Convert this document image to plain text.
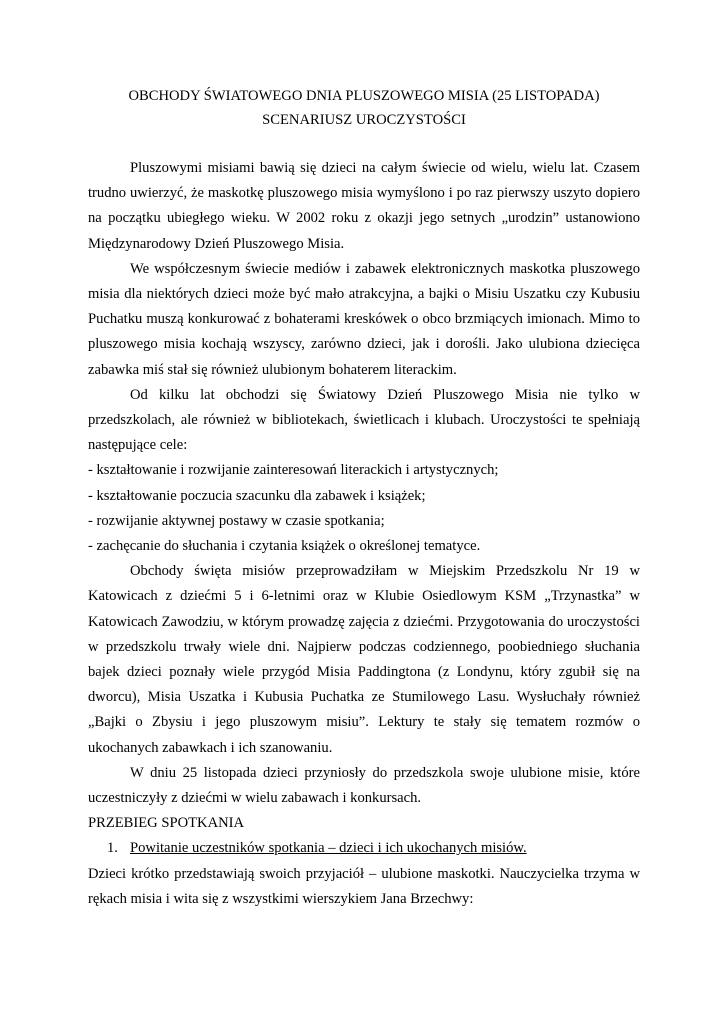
OBCHODY ŚWIATOWEGO DNIA PLUSZOWEGO MISIA (25 LISTOPADA)

SCENARIUSZ UROCZYSTOŚCI

Pluszowymi misiami bawią się dzieci na całym świecie od wielu, wielu lat. Czasem trudno uwierzyć, że maskotkę pluszowego misia wymyślono i po raz pierwszy uszyto dopiero na początku ubiegłego wieku. W 2002 roku z okazji jego setnych „urodzin” ustanowiono Międzynarodowy Dzień Pluszowego Misia.

We współczesnym świecie mediów i zabawek elektronicznych maskotka pluszowego misia dla niektórych dzieci może być mało atrakcyjna, a bajki o Misiu Uszatku czy Kubusiu Puchatku muszą konkurować z bohaterami kreskówek o obco brzmiących imionach. Mimo to pluszowego misia kochają wszyscy, zarówno dzieci, jak i dorośli. Jako ulubiona dziecięca zabawka miś stał się również ulubionym bohaterem literackim.

Od kilku lat obchodzi się Światowy Dzień Pluszowego Misia nie tylko w przedszkolach, ale również w bibliotekach, świetlicach i klubach. Uroczystości te spełniają następujące cele:

- kształtowanie i rozwijanie zainteresowań literackich i artystycznych;

- kształtowanie poczucia szacunku dla zabawek i książek;

- rozwijanie aktywnej postawy w czasie spotkania;

- zachęcanie do słuchania i czytania książek o określonej tematyce.

Obchody święta misiów przeprowadziłam w Miejskim Przedszkolu Nr 19 w Katowicach z dziećmi 5 i 6-letnimi oraz w Klubie Osiedlowym KSM „Trzynastka” w Katowicach Zawodziu, w którym prowadzę zajęcia z dziećmi. Przygotowania do uroczystości w przedszkolu trwały wiele dni. Najpierw podczas codziennego, poobiedniego słuchania bajek dzieci poznały wiele przygód Misia Paddingtona (z Londynu, który zgubił się na dworcu), Misia Uszatka i Kubusia Puchatka ze Stumilowego Lasu. Wysłuchały również „Bajki o Zbysiu i jego pluszowym misiu”. Lektury te stały się tematem rozmów o ukochanych zabawkach i ich szanowaniu.

W dniu 25 listopada dzieci przyniosły do przedszkola swoje ulubione misie, które uczestniczyły z dziećmi w wielu zabawach i konkursach.

PRZEBIEG SPOTKANIA

1. Powitanie uczestników spotkania – dzieci i ich ukochanych misiów.

Dzieci krótko przedstawiają swoich przyjaciół – ulubione maskotki. Nauczycielka trzyma w rękach misia i wita się z wszystkimi wierszykiem Jana Brzechwy:
